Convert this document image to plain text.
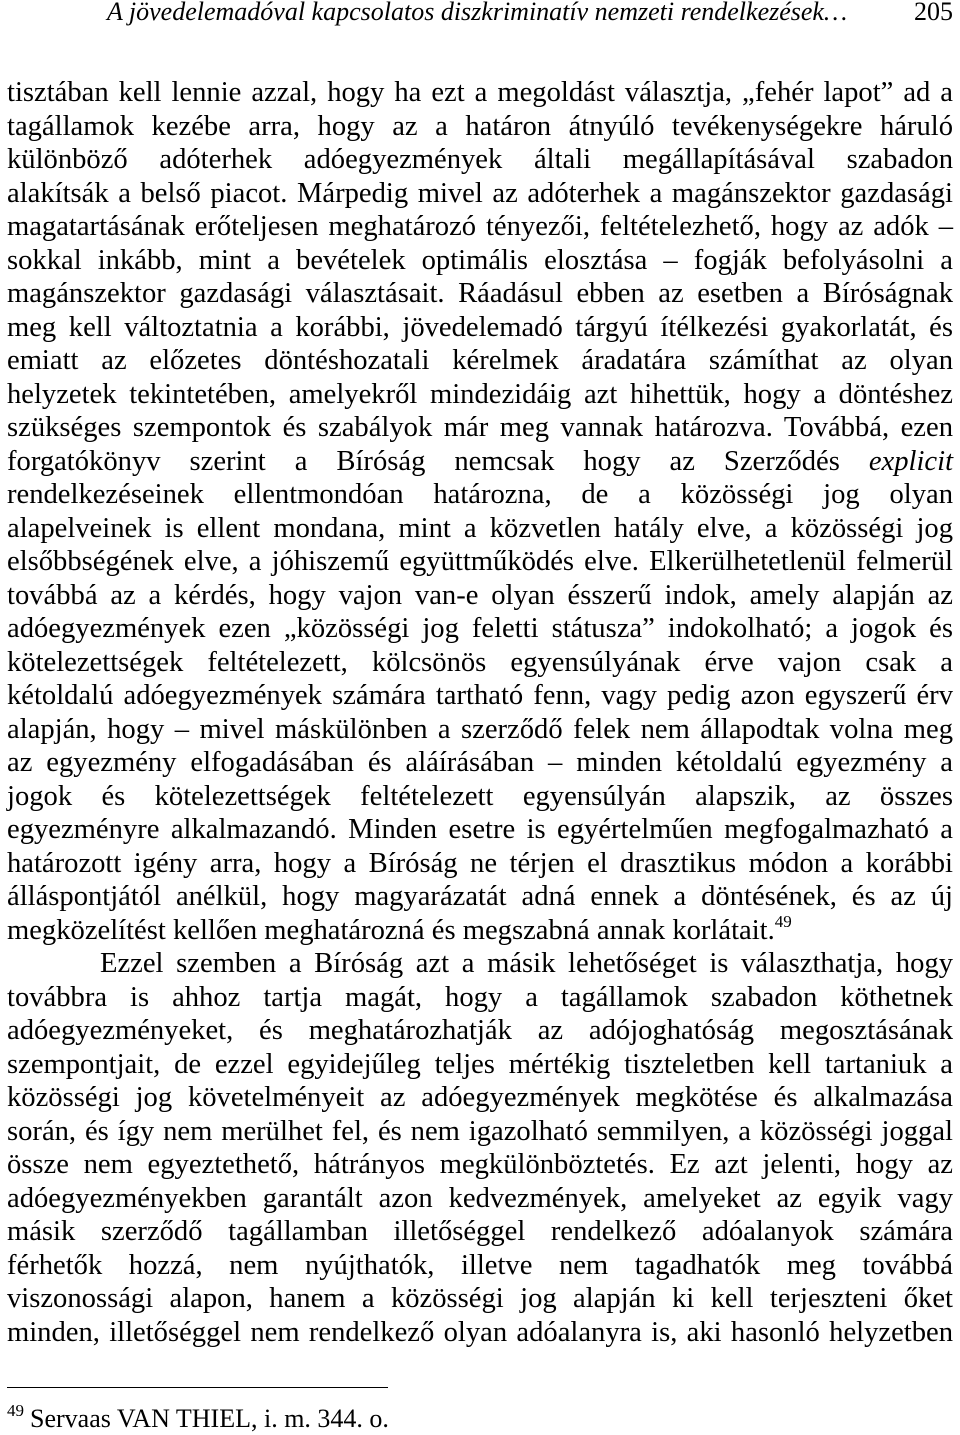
A jövedelemadóval kapcsolatos diszkriminatív nemzeti rendelkezések…	205
tisztában kell lennie azzal, hogy ha ezt a megoldást választja, „fehér lapot” ad a
tagállamok kezébe arra, hogy az a határon átnyúló tevékenységekre háruló
különböző adóterhek adóegyezmények általi megállapításával szabadon
alakítsák a belső piacot. Márpedig mivel az adóterhek a magánszektor gazdasági
magatartásának erőteljesen meghatározó tényezői, feltételezhető, hogy az adók –
sokkal inkább, mint a bevételek optimális elosztása – fogják befolyásolni a
magánszektor gazdasági választásait. Ráadásul ebben az esetben a Bíróságnak
meg kell változtatnia a korábbi, jövedelemadó tárgyú ítélkezési gyakorlatát, és
emiatt az előzetes döntéshozatali kérelmek áradatára számíthat az olyan
helyzetek tekintetében, amelyekről mindezidáig azt hihettük, hogy a döntéshez
szükséges szempontok és szabályok már meg vannak határozva. Továbbá, ezen
forgatókönyv szerint a Bíróság nemcsak hogy az Szerződés explicit
rendelkezéseinek ellentmondóan határozna, de a közösségi jog olyan
alapelveinek is ellent mondana, mint a közvetlen hatály elve, a közösségi jog
elsőbbségének elve, a jóhiszemű együttműködés elve. Elkerülhetetlenül felmerül
továbbá az a kérdés, hogy vajon van-e olyan ésszerű indok, amely alapján az
adóegyezmények ezen „közösségi jog feletti státusza” indokolható; a jogok és
kötelezettségek feltételezett, kölcsönös egyensúlyának érve vajon csak a
kétoldalú adóegyezmények számára tartható fenn, vagy pedig azon egyszerű érv
alapján, hogy – mivel máskülönben a szerződő felek nem állapodtak volna meg
az egyezmény elfogadásában és aláírásában – minden kétoldalú egyezmény a
jogok és kötelezettségek feltételezett egyensúlyán alapszik, az összes
egyezményre alkalmazandó. Minden esetre is egyértelműen megfogalmazható a
határozott igény arra, hogy a Bíróság ne térjen el drasztikus módon a korábbi
álláspontjától anélkül, hogy magyarázatát adná ennek a döntésének, és az új
megközelítést kellően meghatározná és megszabná annak korlátait.$^{49}$
Ezzel szemben a Bíróság azt a másik lehetőséget is választhatja, hogy
továbbra is ahhoz tartja magát, hogy a tagállamok szabadon köthetnek
adóegyezményeket, és meghatározhatják az adójoghatóság megosztásának
szempontjait, de ezzel egyidejűleg teljes mértékig tiszteletben kell tartaniuk a
közösségi jog követelményeit az adóegyezmények megkötése és alkalmazása
során, és így nem merülhet fel, és nem igazolható semmilyen, a közösségi joggal
össze nem egyeztethető, hátrányos megkülönböztetés. Ez azt jelenti, hogy az
adóegyezményekben garantált azon kedvezmények, amelyeket az egyik vagy
másik szerződő tagállamban illetőséggel rendelkező adóalanyok számára
férhetők hozzá, nem nyújthatók, illetve nem tagadhatók meg továbbá
viszonossági alapon, hanem a közösségi jog alapján ki kell terjeszteni őket
minden, illetőséggel nem rendelkező olyan adóalanyra is, aki hasonló helyzetben
$^{49}$ Servaas VAN THIEL, i. m. 344. o.
